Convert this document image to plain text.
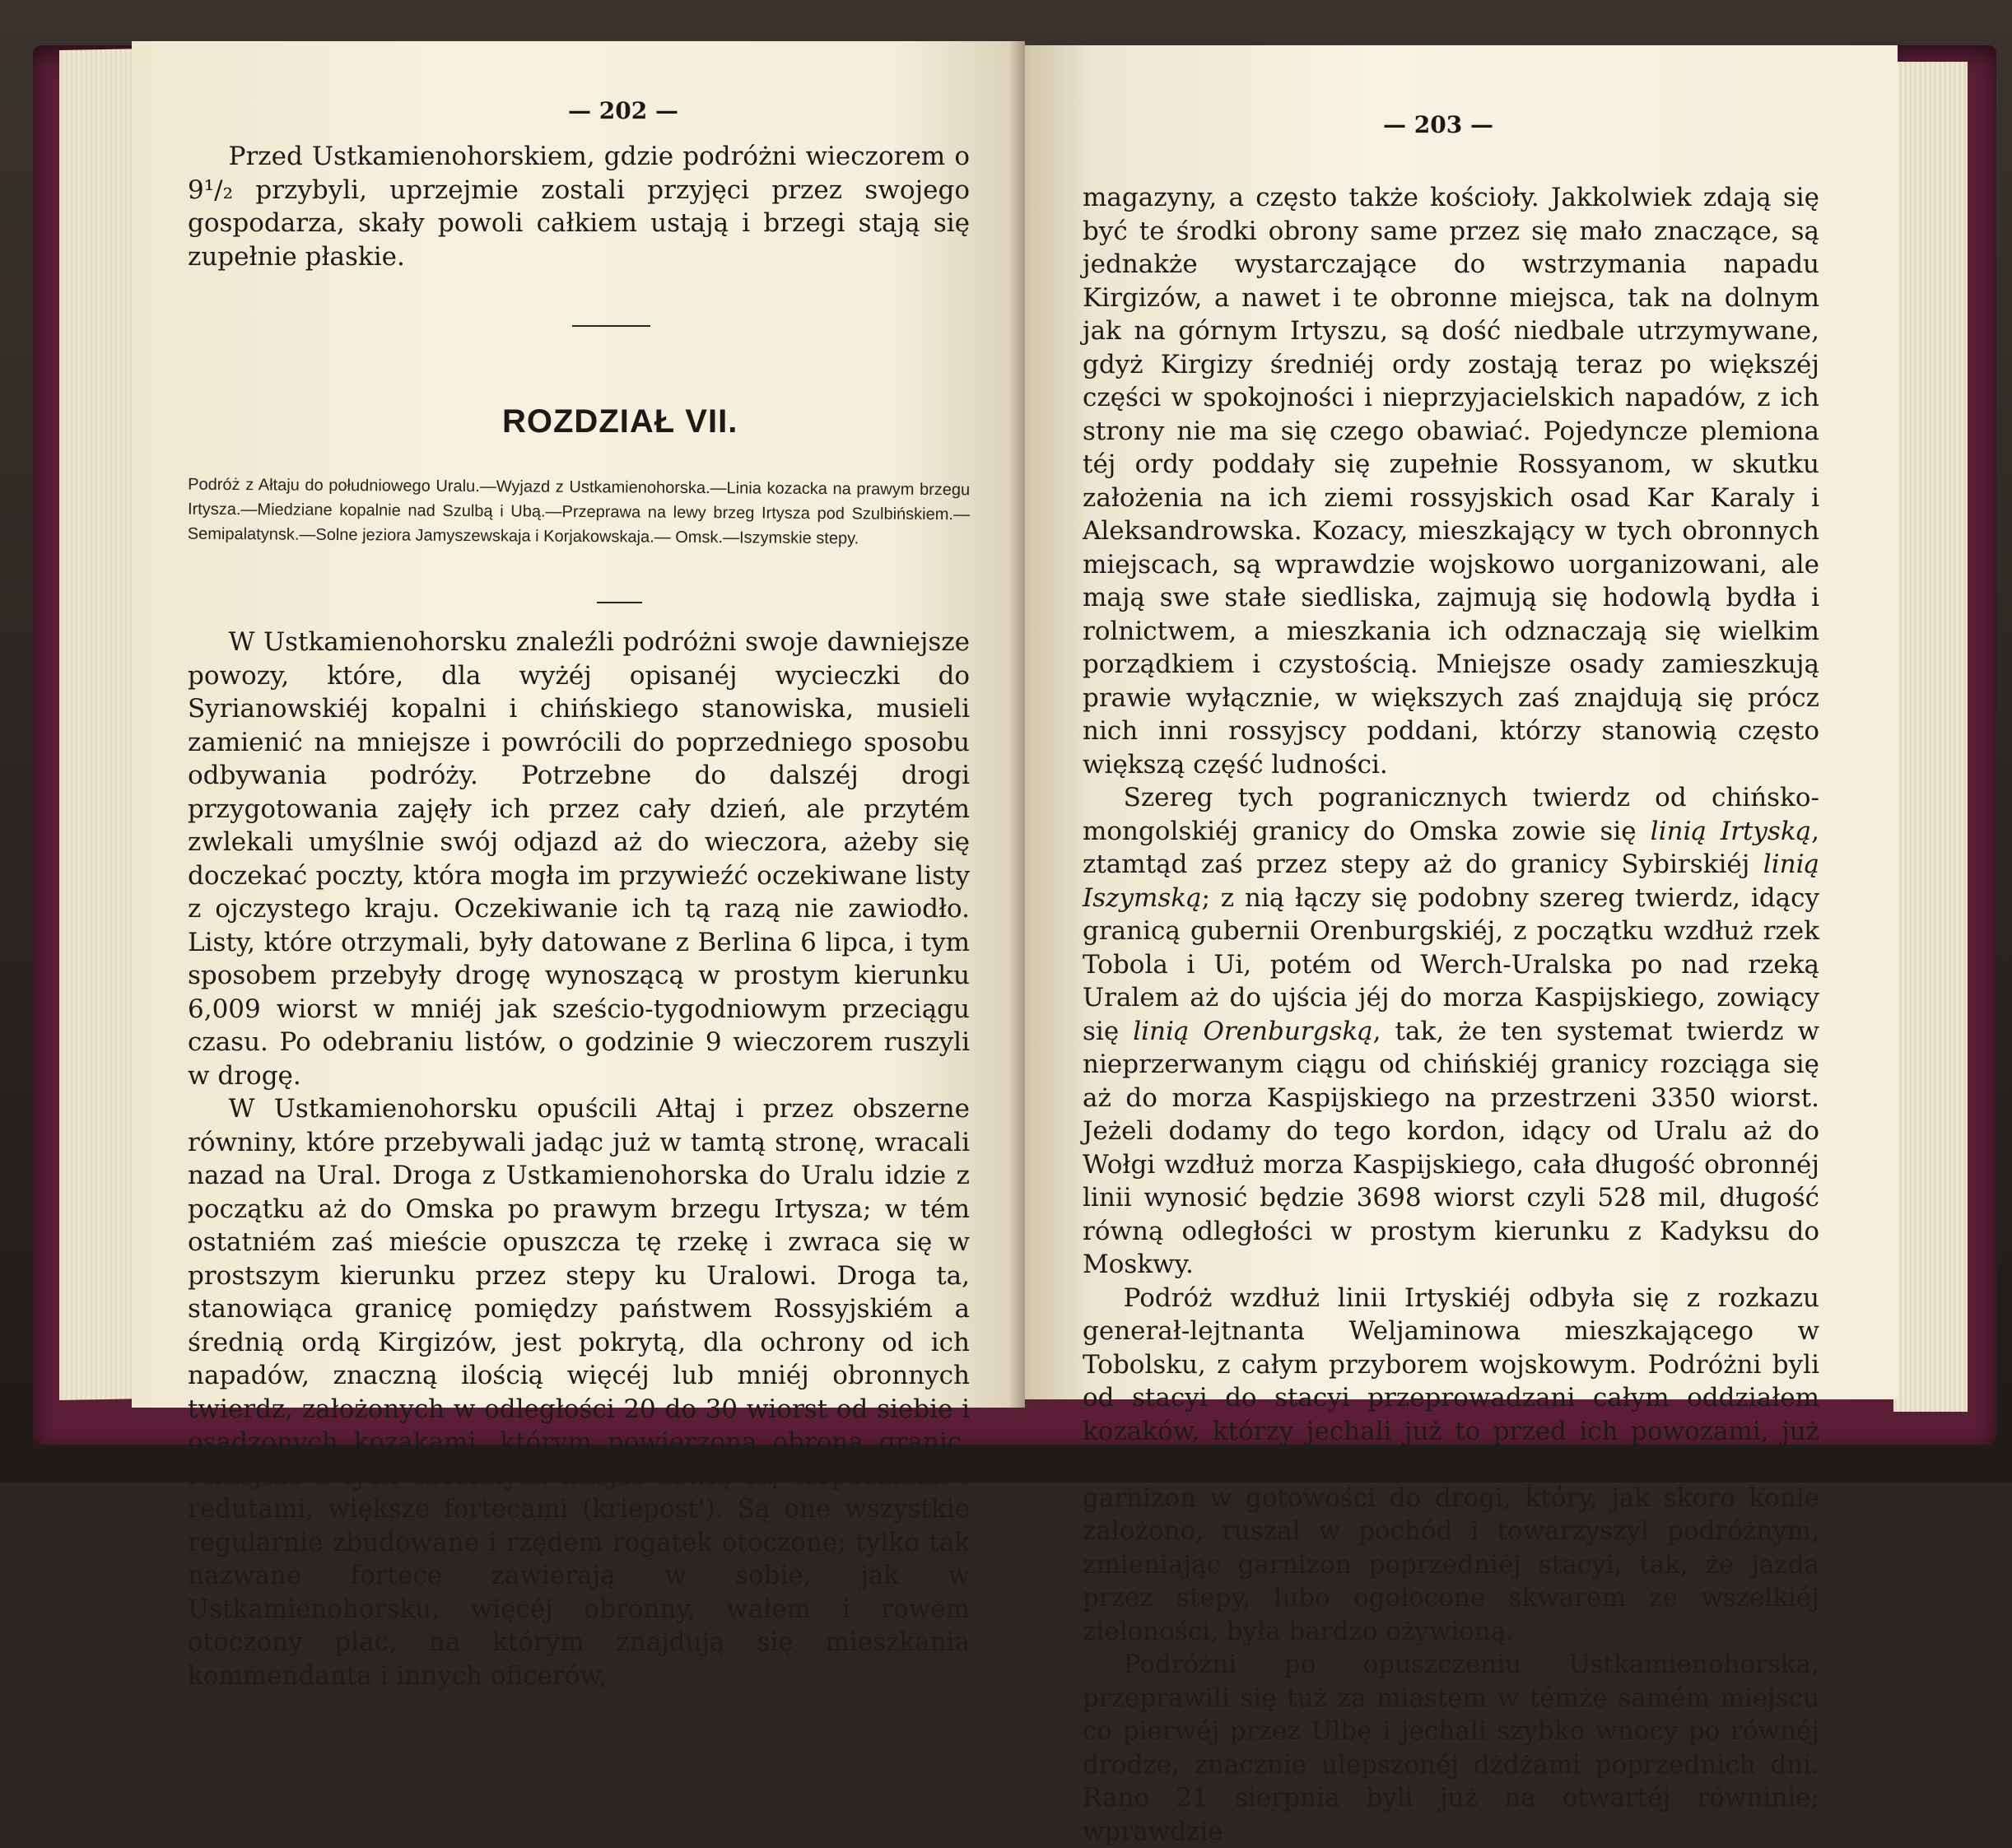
— 202 —

Przed Ustkamienohorskiem, gdzie podróżni wieczorem o 9¹/₂ przybyli, uprzejmie zostali przyjęci przez swojego gospodarza, skały powoli całkiem ustają i brzegi stają się zupełnie płaskie.

ROZDZIAŁ VII.
Podróż z Ałtaju do południowego Uralu.—Wyjazd z Ustkamienohorska.—Linia kozacka na prawym brzegu Irtysza.—Miedziane kopalnie nad Szulbą i Ubą.—Przeprawa na lewy brzeg Irtysza pod Szulbińskiem.—Semipalatynsk.—Solne jeziora Jamyszewskaja i Korjakowskaja.— Omsk.—Iszymskie stepy.

W Ustkamienohorsku znaleźli podróżni swoje dawniejsze powozy, które, dla wyżéj opisanéj wycieczki do Syrianowskiéj kopalni i chińskiego stanowiska, musieli zamienić na mniejsze i powrócili do poprzedniego sposobu odbywania podróży. Potrzebne do dalszéj drogi przygotowania zajęły ich przez cały dzień, ale przytém zwlekali umyślnie swój odjazd aż do wieczora, ażeby się doczekać poczty, która mogła im przywieźć oczekiwane listy z ojczystego kraju. Oczekiwanie ich tą razą nie zawiodło. Listy, które otrzymali, były datowane z Berlina 6 lipca, i tym sposobem przebyły drogę wynoszącą w prostym kierunku 6,009 wiorst w mniéj jak sześcio-tygodniowym przeciągu czasu. Po odebraniu listów, o godzinie 9 wieczorem ruszyli w drogę.

W Ustkamienohorsku opuścili Ałtaj i przez obszerne równiny, które przebywali jadąc już w tamtą stronę, wracali nazad na Ural. Droga z Ustkamienohorska do Uralu idzie z początku aż do Omska po prawym brzegu Irtysza; w tém ostatniém zaś mieście opuszcza tę rzekę i zwraca się w prostszym kierunku przez stepy ku Uralowi. Droga ta, stanowiąca granicę pomiędzy państwem Rossyjskiém a średnią ordą Kirgizów, jest pokrytą, dla ochrony od ich napadów, znaczną ilością więcéj lub mniéj obronnych twierdz, założonych w odległości 20 do 30 wiorst od siebie i osadzonych kozakami, którym powierzona obrona granic. Mniejsze z tych obronnych miejsc zowią się forpocztami i redutami, większe fortecami (kriepost'). Są one wszystkie regularnie zbudowane i rzędem rogatek otoczone; tylko tak nazwane fortece zawierają w sobie, jak w Ustkamienohorsku, więcéj obronny, wałem i rowem otoczony plac, na którym znajdują się mieszkania kommendanta i innych oficerów,

— 203 —

magazyny, a często także kościoły. Jakkolwiek zdają się być te środki obrony same przez się mało znaczące, są jednakże wystarczające do wstrzymania napadu Kirgizów, a nawet i te obronne miejsca, tak na dolnym jak na górnym Irtyszu, są dość niedbale utrzymywane, gdyż Kirgizy średniéj ordy zostają teraz po większéj części w spokojności i nieprzyjacielskich napadów, z ich strony nie ma się czego obawiać. Pojedyncze plemiona téj ordy poddały się zupełnie Rossyanom, w skutku założenia na ich ziemi rossyjskich osad Kar Karaly i Aleksandrowska. Kozacy, mieszkający w tych obronnych miejscach, są wprawdzie wojskowo uorganizowani, ale mają swe stałe siedliska, zajmują się hodowlą bydła i rolnictwem, a mieszkania ich odznaczają się wielkim porządkiem i czystością. Mniejsze osady zamieszkują prawie wyłącznie, w większych zaś znajdują się prócz nich inni rossyjscy poddani, którzy stanowią często większą część ludności.

Szereg tych pogranicznych twierdz od chińsko-mongolskiéj granicy do Omska zowie się linią Irtyską, ztamtąd zaś przez stepy aż do granicy Sybirskiéj linią Iszymską; z nią łączy się podobny szereg twierdz, idący granicą gubernii Orenburgskiéj, z początku wzdłuż rzek Tobola i Ui, potém od Werch-Uralska po nad rzeką Uralem aż do ujścia jéj do morza Kaspijskiego, zowiący się linią Orenburgską, tak, że ten systemat twierdz w nieprzerwanym ciągu od chińskiéj granicy rozciąga się aż do morza Kaspijskiego na przestrzeni 3350 wiorst. Jeżeli dodamy do tego kordon, idący od Uralu aż do Wołgi wzdłuż morza Kaspijskiego, cała długość obronnéj linii wynosić będzie 3698 wiorst czyli 528 mil, długość równą odległości w prostym kierunku z Kadyksu do Moskwy.

Podróż wzdłuż linii Irtyskiéj odbyła się z rozkazu generał-lejtnanta Weljaminowa mieszkającego w Tobolsku, z całym przyborem wojskowym. Podróżni byli od stacyi do stacyi przeprowadzani całym oddziałem kozaków, którzy jechali już to przed ich powozami, już za niemi. Skoro przybyli do stacyi, znajdywali cały garnizon w gotowości do drogi, który, jak skoro konie założono, ruszał w pochód i towarzyszył podróżnym, zmieniając garnizon poprzedniéj stacyi, tak, że jazda przez stepy, lubo ogołocone skwarem ze wszelkiéj zieloności, była bardzo ożywioną.

Podróżni po opuszczeniu Ustkamienohorska, przeprawili się tuż za miastem w témże samém miejscu co pierwéj przez Ulbę i jechali szybko wnocy po równéj drodze, znacznie ulepszonéj dżdżami poprzednich dni. Rano 21 sierpnia byli już na otwartéj równinie; wprawdzie
